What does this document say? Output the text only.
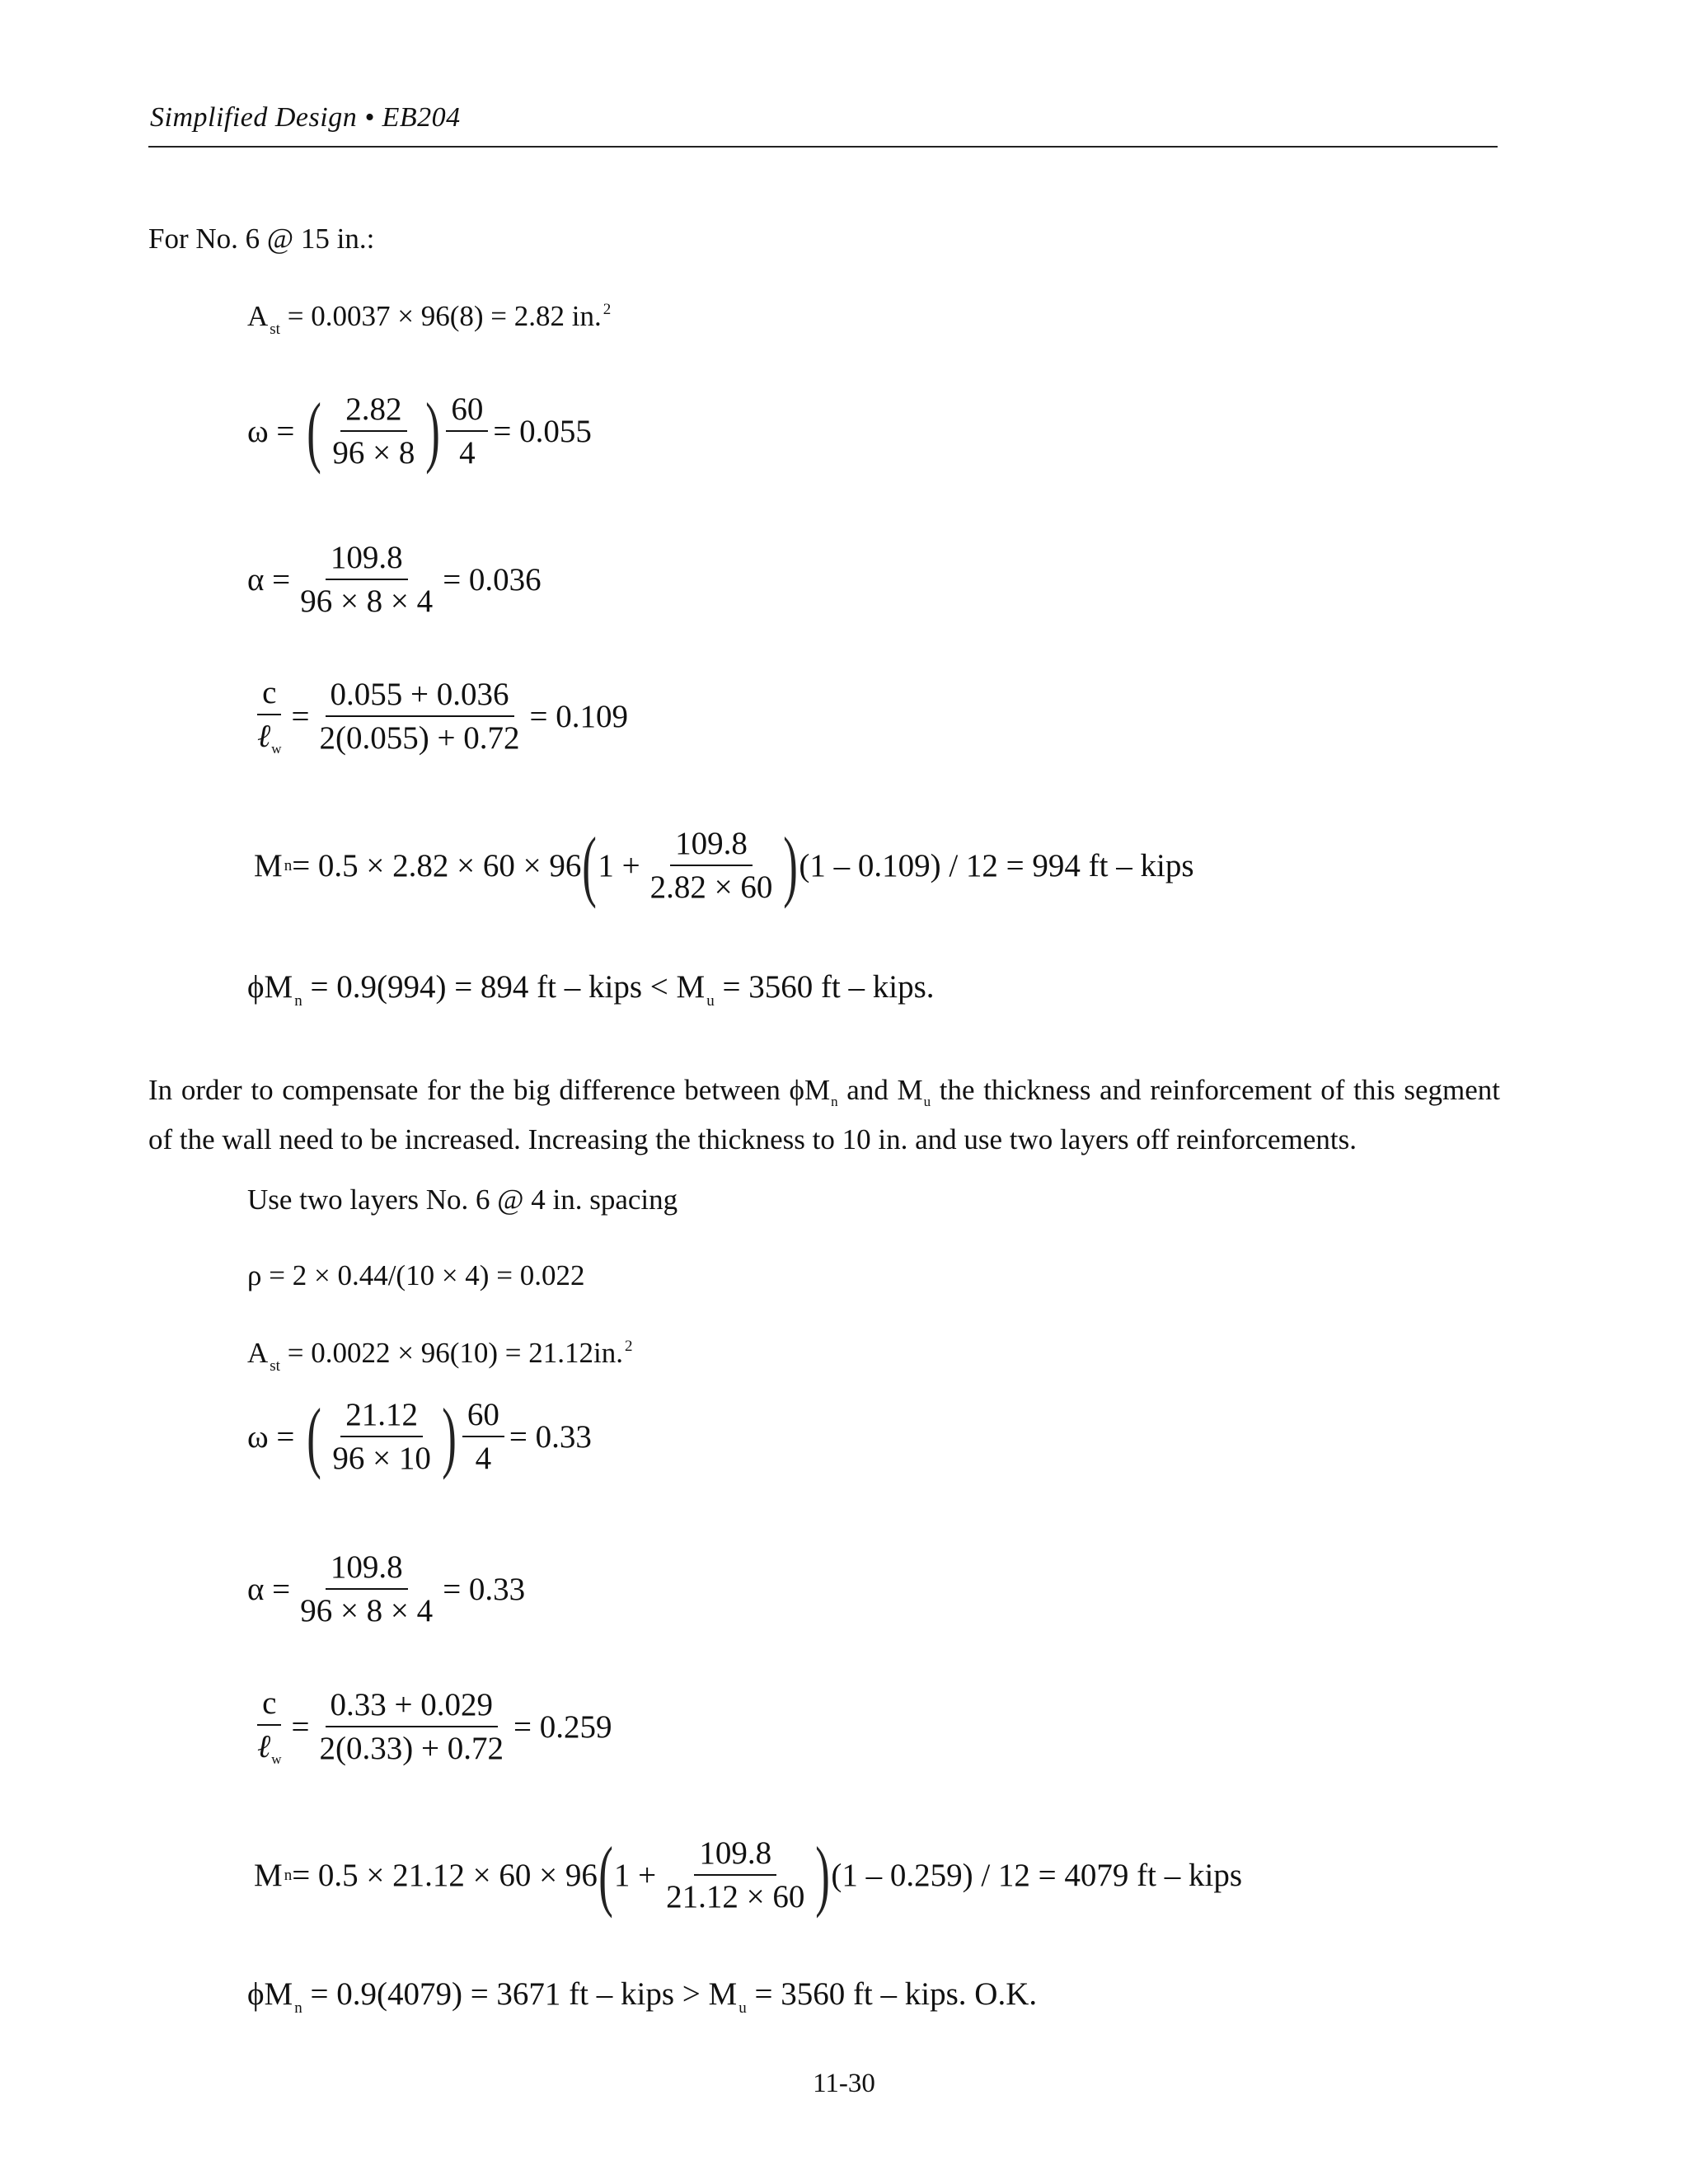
Simplified Design • EB204
For No. 6 @ 15 in.:
A $_{st}$ = 0.0037 × 96(8) = 2.82 in. $^2$
ω = ( $\frac{2.82}{96 \times 8}$ ) $\frac{60}{4} = 0.055$
$\alpha = \frac{109.8}{96 \times 8 \times 4} = 0.036$
$\frac{c}{\ell_w} = \frac{0.055 + 0.036}{2(0.055) + 0.72} = 0.109$
M n = 0.5 × 2.82 × 60 × 96 ( $1 + \frac{109.8}{2.82 \times 60}$ ) (1 – 0.109) / 12 = 994 ft – kips
ϕM $_n$ = 0.9(994) = 894 ft – kips < M $_u$ = 3560 ft – kips.
In order to compensate for the big difference between $\phi M_n$ and $M_u$ the thickness and reinforcement of this segment of the wall need to be increased. Increasing the thickness to 10 in. and use two layers off reinforcements.
Use two layers No. 6 @ 4 in. spacing
ρ = 2 × 0.44/(10 × 4) = 0.022
A $_{st}$ = 0.0022 × 96(10) = 21.12in. $^2$
ω = ( $\frac{21.12}{96 \times 10}$ ) $\frac{60}{4} = 0.33$
$\alpha = \frac{109.8}{96 \times 8 \times 4} = 0.33$
$\frac{c}{\ell_w} = \frac{0.33 + 0.029}{2(0.33) + 0.72} = 0.259$
M n = 0.5 × 21.12 × 60 × 96 ( $1 + \frac{109.8}{21.12 \times 60}$ ) (1 – 0.259) / 12 = 4079 ft – kips
ϕM $_n$ = 0.9(4079) = 3671 ft – kips > M $_u$ = 3560 ft – kips. O.K.
11-30
